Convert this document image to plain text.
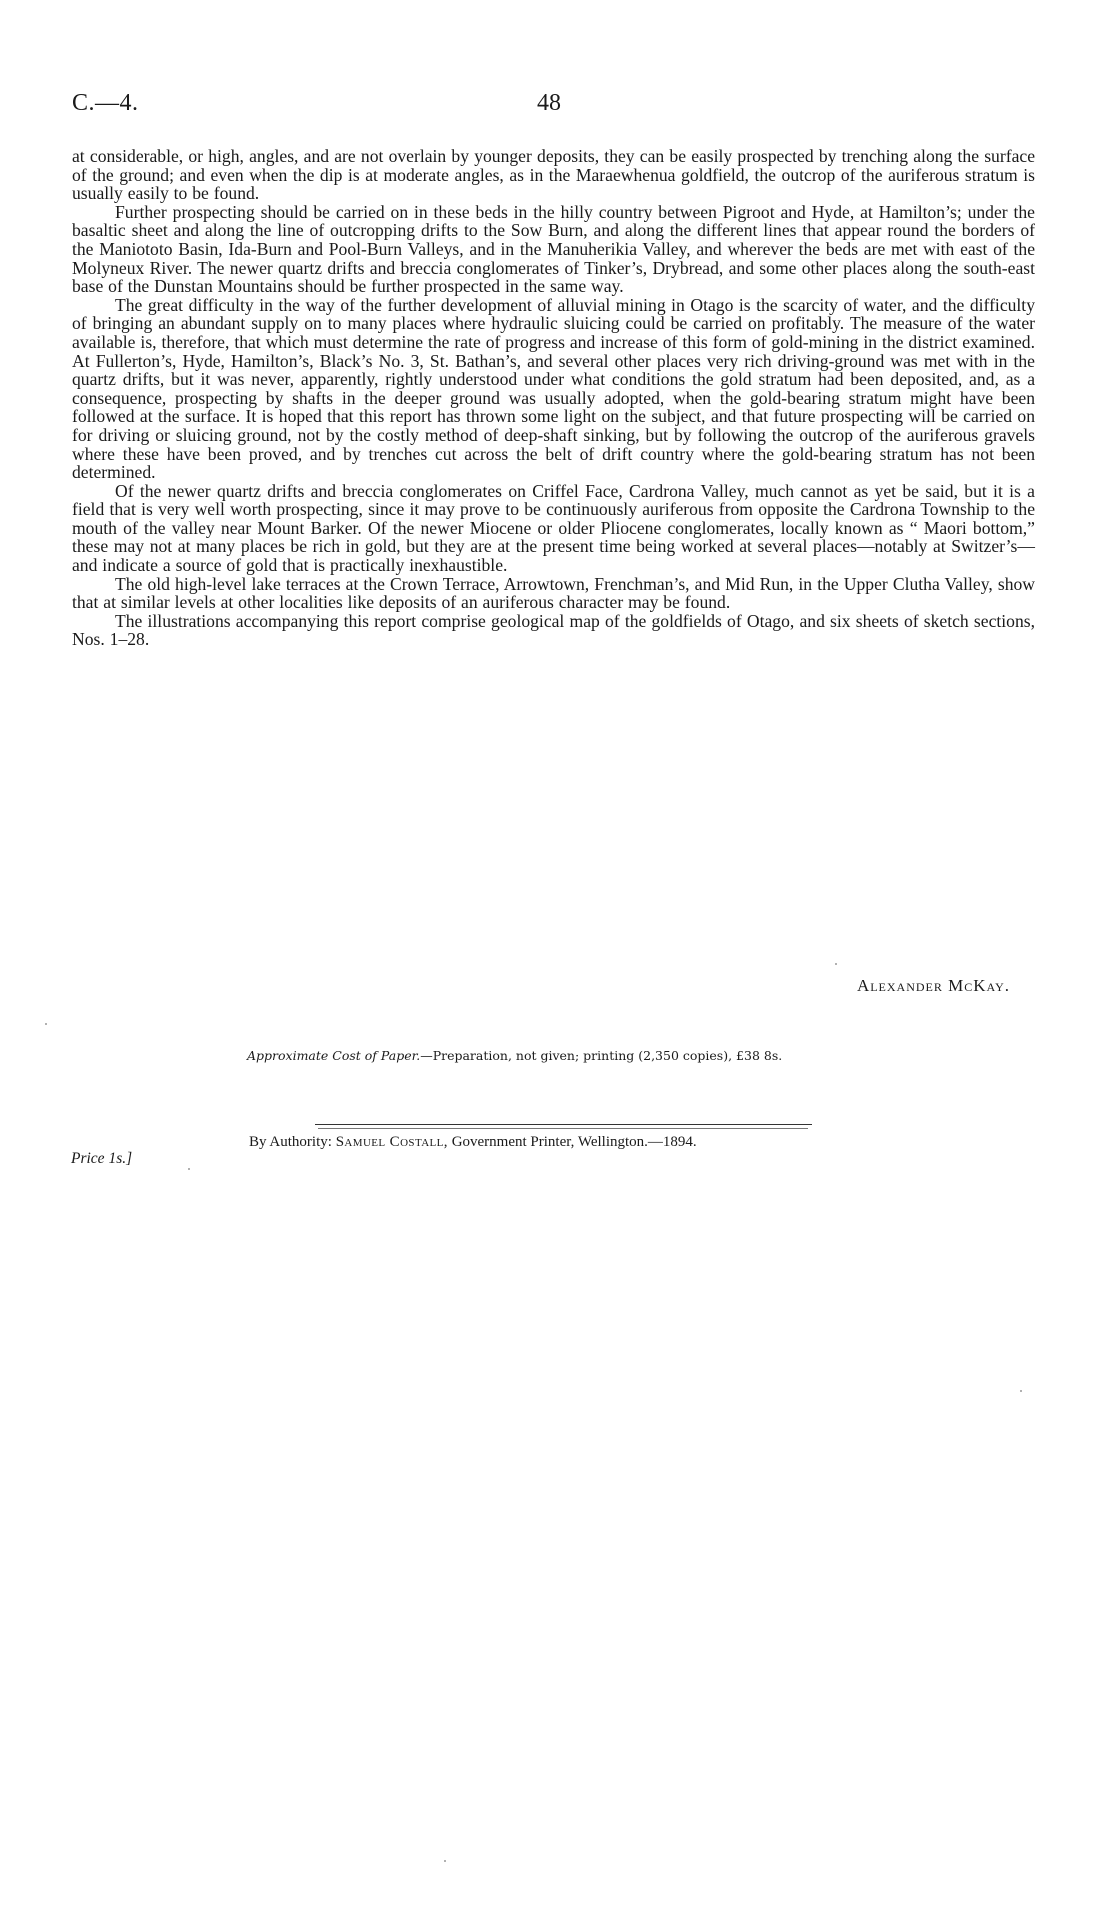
C.—4.	48

at considerable, or high, angles, and are not overlain by younger deposits, they can be easily prospected by trenching along the surface of the ground; and even when the dip is at moderate angles, as in the Maraewhenua goldfield, the outcrop of the auriferous stratum is usually easily to be found.

Further prospecting should be carried on in these beds in the hilly country between Pigroot and Hyde, at Hamilton’s; under the basaltic sheet and along the line of outcropping drifts to the Sow Burn, and along the different lines that appear round the borders of the Maniototo Basin, Ida-Burn and Pool-Burn Valleys, and in the Manuherikia Valley, and wherever the beds are met with east of the Molyneux River. The newer quartz drifts and breccia conglomerates of Tinker’s, Drybread, and some other places along the south-east base of the Dunstan Mountains should be further prospected in the same way.

The great difficulty in the way of the further development of alluvial mining in Otago is the scarcity of water, and the difficulty of bringing an abundant supply on to many places where hydraulic sluicing could be carried on profitably. The measure of the water available is, therefore, that which must determine the rate of progress and increase of this form of gold-mining in the district examined. At Fullerton’s, Hyde, Hamilton’s, Black’s No. 3, St. Bathan’s, and several other places very rich driving-ground was met with in the quartz drifts, but it was never, apparently, rightly understood under what conditions the gold stratum had been deposited, and, as a consequence, prospecting by shafts in the deeper ground was usually adopted, when the gold-bearing stratum might have been followed at the surface. It is hoped that this report has thrown some light on the subject, and that future prospecting will be carried on for driving or sluicing ground, not by the costly method of deep-shaft sinking, but by following the outcrop of the auriferous gravels where these have been proved, and by trenches cut across the belt of drift country where the gold-bearing stratum has not been determined.

Of the newer quartz drifts and breccia conglomerates on Criffel Face, Cardrona Valley, much cannot as yet be said, but it is a field that is very well worth prospecting, since it may prove to be continuously auriferous from opposite the Cardrona Township to the mouth of the valley near Mount Barker. Of the newer Miocene or older Pliocene conglomerates, locally known as “ Maori bottom,” these may not at many places be rich in gold, but they are at the present time being worked at several places—notably at Switzer’s—and indicate a source of gold that is practically inexhaustible.

The old high-level lake terraces at the Crown Terrace, Arrowtown, Frenchman’s, and Mid Run, in the Upper Clutha Valley, show that at similar levels at other localities like deposits of an auriferous character may be found.

The illustrations accompanying this report comprise geological map of the goldfields of Otago, and six sheets of sketch sections, Nos. 1–28.

Alexander McKay.
Approximate Cost of Paper.—Preparation, not given; printing (2,350 copies), £38 8s.
By Authority: Samuel Costall, Government Printer, Wellington.—1894.
Price 1s.]
